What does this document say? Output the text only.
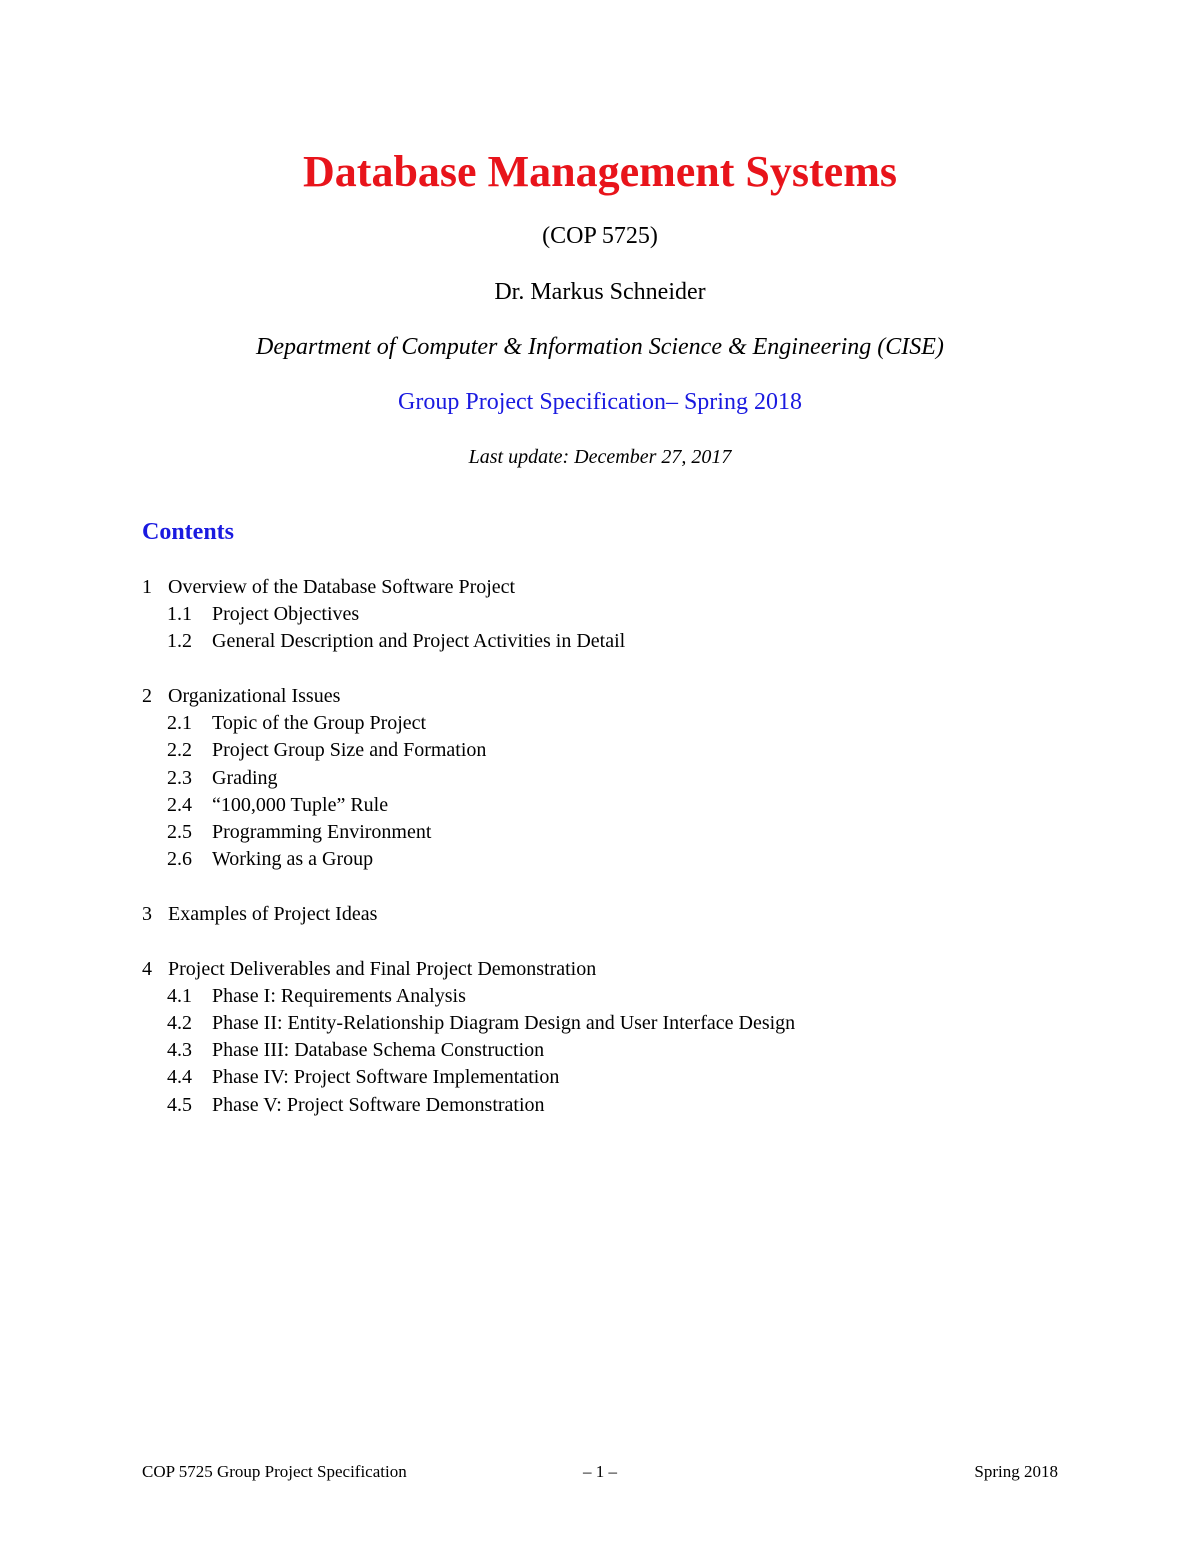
Database Management Systems
(COP 5725)
Dr. Markus Schneider
Department of Computer & Information Science & Engineering (CISE)
Group Project Specification– Spring 2018
Last update: December 27, 2017
Contents
1 Overview of the Database Software Project
1.1 Project Objectives
1.2 General Description and Project Activities in Detail
2 Organizational Issues
2.1 Topic of the Group Project
2.2 Project Group Size and Formation
2.3 Grading
2.4 “100,000 Tuple” Rule
2.5 Programming Environment
2.6 Working as a Group
3 Examples of Project Ideas
4 Project Deliverables and Final Project Demonstration
4.1 Phase I: Requirements Analysis
4.2 Phase II: Entity-Relationship Diagram Design and User Interface Design
4.3 Phase III: Database Schema Construction
4.4 Phase IV: Project Software Implementation
4.5 Phase V: Project Software Demonstration
COP 5725 Group Project Specification	– 1 –	Spring 2018
